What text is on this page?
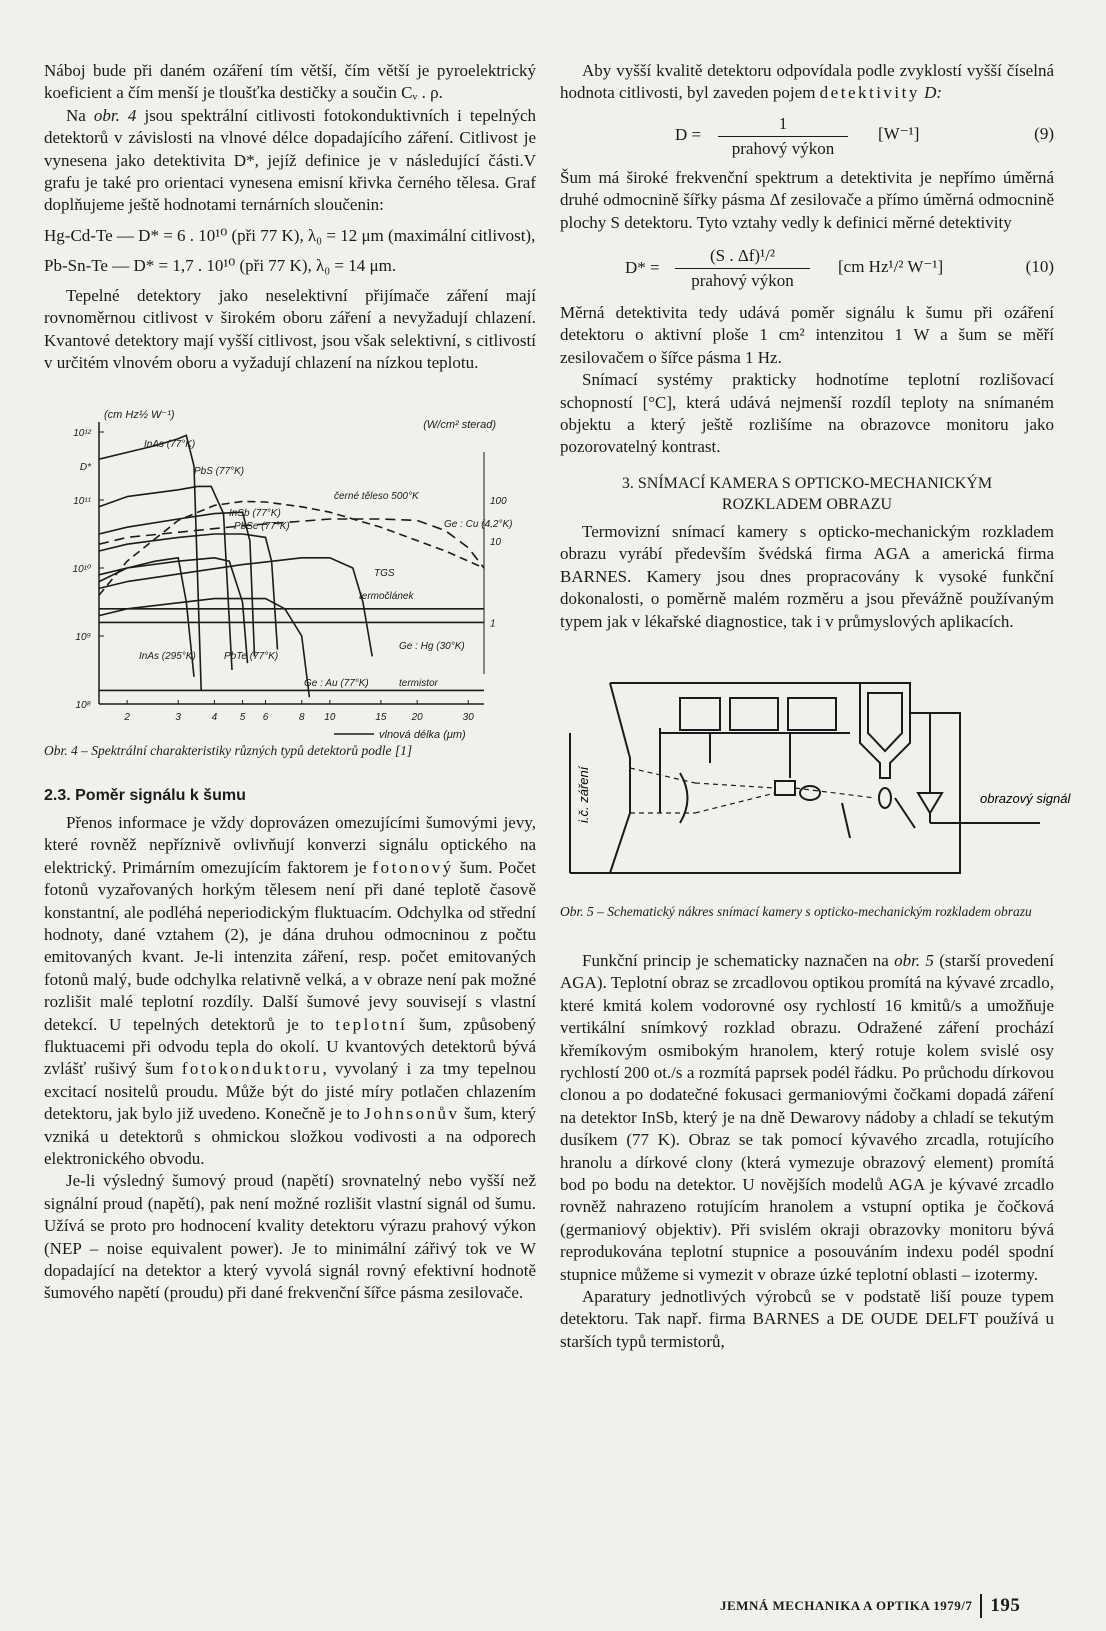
Náboj bude při daném ozáření tím větší, čím větší je pyroelektrický koeficient a čím menší je tloušťka destičky a součin Cᵥ . ρ.

Na obr. 4 jsou spektrální citlivosti fotokonduktivních i tepelných detektorů v závislosti na vlnové délce dopadajícího záření. Citlivost je vynesena jako detektivita D*, jejíž definice je v následující části.V grafu je také pro orientaci vynesena emisní křivka černého tělesa. Graf doplňujeme ještě hodnotami ternárních sloučenin:

Hg-Cd-Te — D* = 6 . 10¹⁰ (při 77 K), λ₀ = 12 μm (maximální citlivost),

Pb-Sn-Te — D* = 1,7 . 10¹⁰ (při 77 K), λ₀ = 14 μm.

Tepelné detektory jako neselektivní přijímače záření mají rovnoměrnou citlivost v širokém oboru záření a nevyžadují chlazení. Kvantové detektory mají vyšší citlivost, jsou však selektivní, s citlivostí v určitém vlnovém oboru a vyžadují chlazení na nízkou teplotu.

2	3	4 5 6	8 10	15	20	30
10⁸
10⁹
10¹⁰
10¹¹
10¹²
D*
1
10
100
(cm Hz½ W⁻¹)
(W/cm² sterad)
vlnová délka (μm)
InAs (77°K)
PbS (77°K)
černé těleso 500°K
InSb (77°K)
PbSe (77°K)	Ge : Cu (4,2°K)
TGS
termočlánek
InAs (295°K)	PbTe (77°K)
Ge : Hg (30°K)
Ge : Au (77°K)	termistor

Obr. 4 – Spektrální charakteristiky různých typů detektorů podle [1]

2.3. Poměr signálu k šumu

Přenos informace je vždy doprovázen omezujícími šumovými jevy, které rovněž nepříznivě ovlivňují konverzi signálu optického na elektrický. Primárním omezujícím faktorem je fotonový šum. Počet fotonů vyzařovaných horkým tělesem není při dané teplotě časově konstantní, ale podléhá neperiodickým fluktuacím. Odchylka od střední hodnoty, dané vztahem (2), je dána druhou odmocninou z počtu emitovaných kvant. Je-li intenzita záření, resp. počet emitovaných fotonů malý, bude odchylka relativně velká, a v obraze není pak možné rozlišit malé teplotní rozdíly. Další šumové jevy souvisejí s vlastní detekcí. U tepelných detektorů je to teplotní šum, způsobený fluktuacemi při odvodu tepla do okolí. U kvantových detektorů bývá zvlášť rušivý šum fotokonduktoru, vyvolaný i za tmy tepelnou excitací nositelů proudu. Může být do jisté míry potlačen chlazením detektoru, jak bylo již uvedeno. Konečně je to Johnsonův šum, který vzniká u detektorů s ohmickou složkou vodivosti a na odporech elektronického obvodu.

Je-li výsledný šumový proud (napětí) srovnatelný nebo vyšší než signální proud (napětí), pak není možné rozlišit vlastní signál od šumu. Užívá se proto pro hodnocení kvality detektoru výrazu prahový výkon (NEP – noise equivalent power). Je to minimální zářivý tok ve W dopadající na detektor a který vyvolá signál rovný efektivní hodnotě šumového napětí (proudu) při dané frekvenční šířce pásma zesilovače.

Aby vyšší kvalitě detektoru odpovídala podle zvyklostí vyšší číselná hodnota citlivosti, byl zaveden pojem detektivity D:

D =
1
prahový výkon
[W⁻¹]	(9)

Šum má široké frekvenční spektrum a detektivita je nepřímo úměrná druhé odmocnině šířky pásma Δf zesilovače a přímo úměrná odmocnině plochy S detektoru. Tyto vztahy vedly k definici měrné detektivity

D* =
(S . Δf)¹/²
prahový výkon
[cm Hz¹/² W⁻¹]	(10)

Měrná detektivita tedy udává poměr signálu k šumu při ozáření detektoru o aktivní ploše 1 cm² intenzitou 1 W a šum se měří zesilovačem o šířce pásma 1 Hz.

Snímací systémy prakticky hodnotíme teplotní rozlišovací schopností [°C], která udává nejmenší rozdíl teploty na snímaném objektu a který ještě rozlišíme na obrazovce monitoru jako pozorovatelný kontrast.

3. SNÍMACÍ KAMERA S OPTICKO-MECHANICKÝM
ROZKLADEM OBRAZU

Termovizní snímací kamery s opticko-mechanickým rozkladem obrazu vyrábí především švédská firma AGA a americká firma BARNES. Kamery jsou dnes propracovány k vysoké funkční dokonalosti, o poměrně malém rozměru a jsou převážně používaným typem jak v lékařské diagnostice, tak i v průmyslových aplikacích.

i.č. záření	obrazový signál

Obr. 5 – Schematický nákres snímací kamery s opticko-mechanickým rozkladem obrazu

Funkční princip je schematicky naznačen na obr. 5 (starší provedení AGA). Teplotní obraz se zrcadlovou optikou promítá na kývavé zrcadlo, které kmitá kolem vodorovné osy rychlostí 16 kmitů/s a umožňuje vertikální snímkový rozklad obrazu. Odražené záření prochází křemíkovým osmibokým hranolem, který rotuje kolem svislé osy rychlostí 200 ot./s a rozmítá paprsek podél řádku. Po průchodu dírkovou clonou a po dodatečné fokusaci germaniovými čočkami dopadá záření na detektor InSb, který je na dně Dewarovy nádoby a chladí se tekutým dusíkem (77 K). Obraz se tak pomocí kývavého zrcadla, rotujícího hranolu a dírkové clony (která vymezuje obrazový element) promítá bod po bodu na detektor. U novějších modelů AGA je kývavé zrcadlo rovněž nahrazeno rotujícím hranolem a vstupní optika je čočková (germaniový objektiv). Při svislém okraji obrazovky monitoru bývá reprodukována teplotní stupnice a posouváním indexu podél spodní stupnice můžeme si vymezit v obraze úzké teplotní oblasti – izotermy.

Aparatury jednotlivých výrobců se v podstatě liší pouze typem detektoru. Tak např. firma BARNES a DE OUDE DELFT používá u starších typů termistorů,

JEMNÁ MECHANIKA A OPTIKA 1979/7 195
